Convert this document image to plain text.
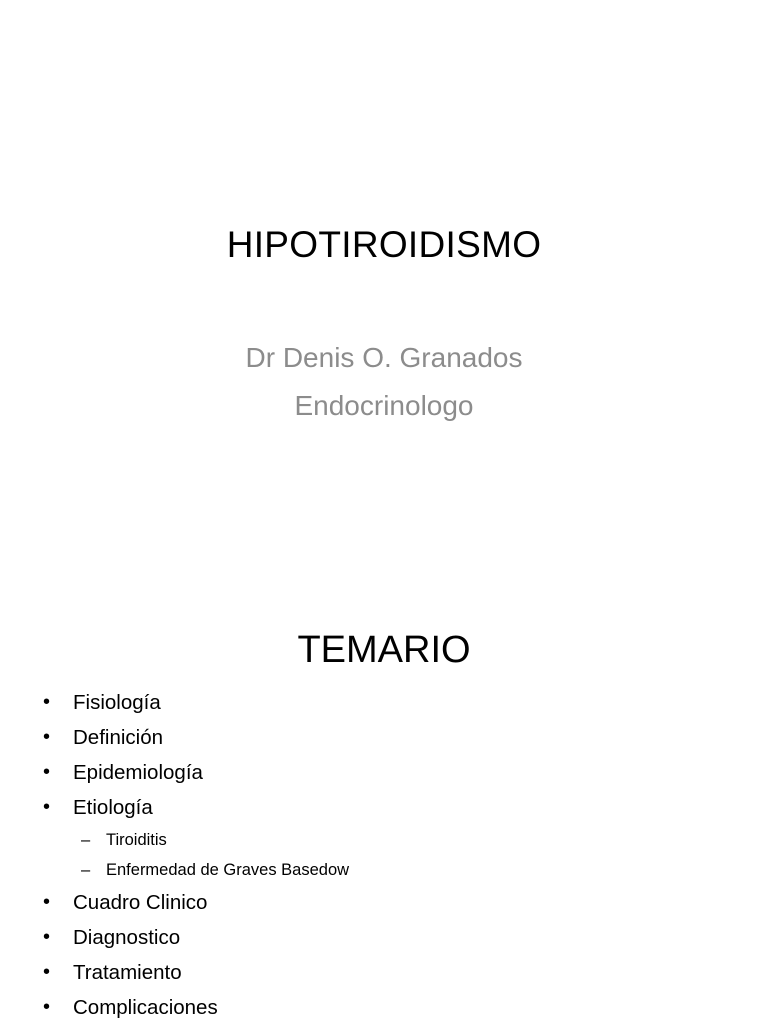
HIPOTIROIDISMO
Dr Denis O. Granados
Endocrinologo
TEMARIO
• Fisiología
• Definición
• Epidemiología
• Etiología
– Tiroiditis
– Enfermedad de Graves Basedow
• Cuadro Clinico
• Diagnostico
• Tratamiento
• Complicaciones
